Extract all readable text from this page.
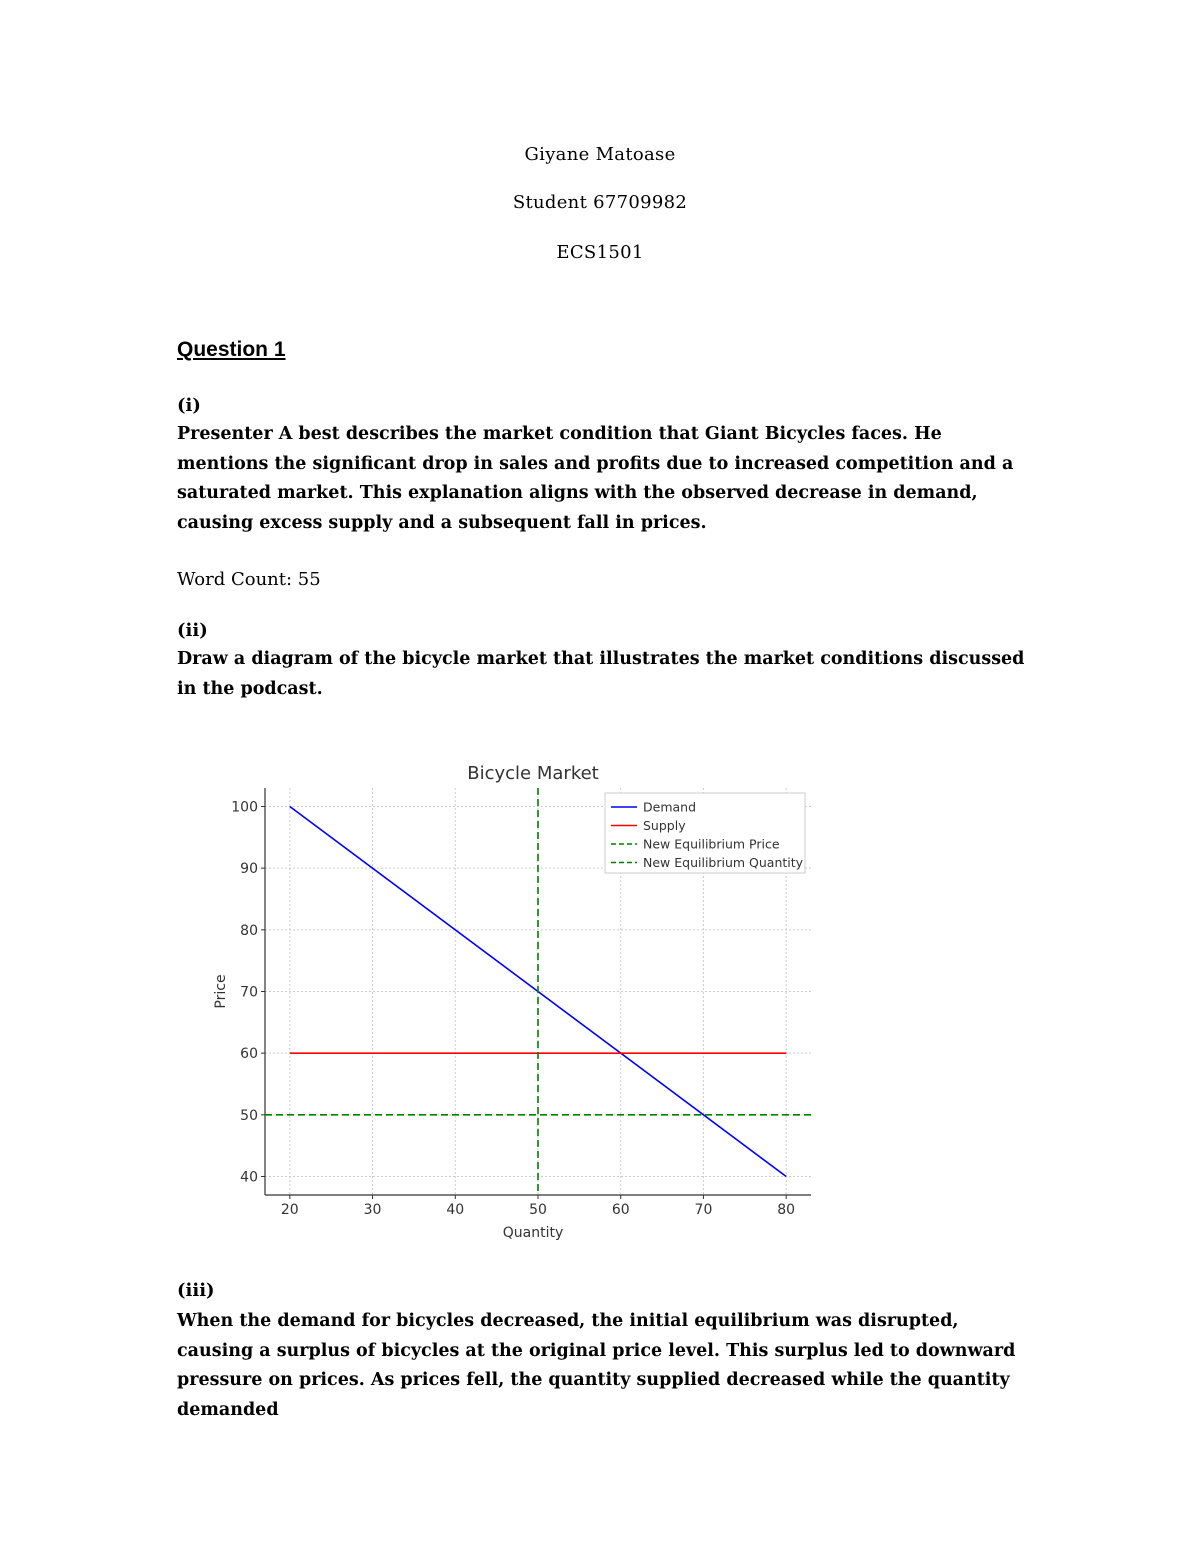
Giyane Matoase
Student 67709982
ECS1501
Question 1
(i)
Presenter A best describes the market condition that Giant Bicycles faces. He mentions the significant drop in sales and profits due to increased competition and a saturated market. This explanation aligns with the observed decrease in demand, causing excess supply and a subsequent fall in prices.
Word Count: 55
(ii)
Draw a diagram of the bicycle market that illustrates the market conditions discussed in the podcast.
20	30	40	50	60	70	80
40
50
60
70
80
90
100
Bicycle Market
Quantity
Price
Demand
Supply
New Equilibrium Price
New Equilibrium Quantity
(iii)
When the demand for bicycles decreased, the initial equilibrium was disrupted, causing a surplus of bicycles at the original price level. This surplus led to downward pressure on prices. As prices fell, the quantity supplied decreased while the quantity demanded
